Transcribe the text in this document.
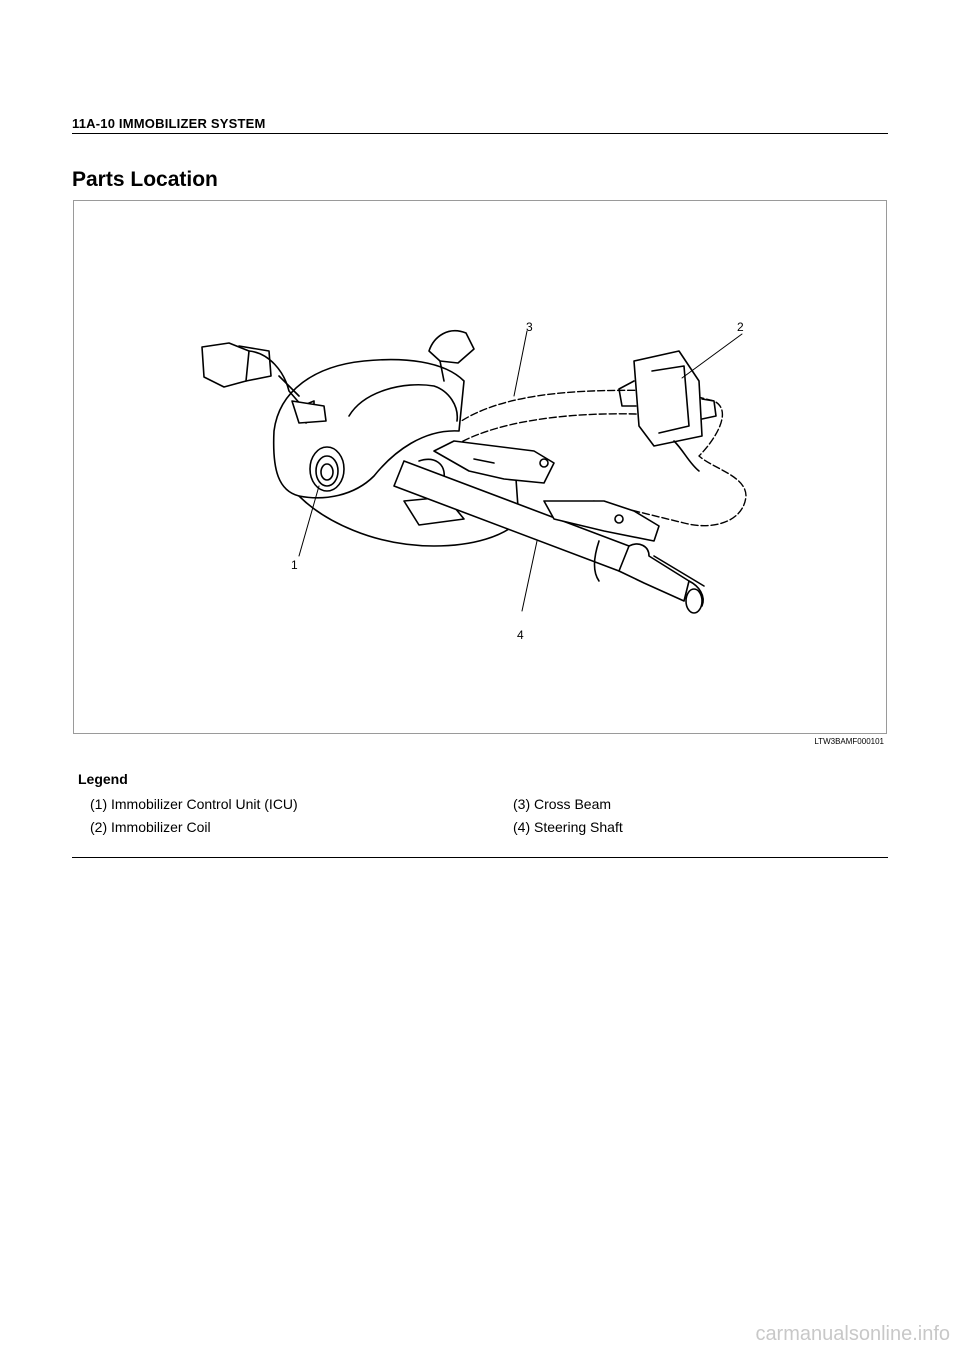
11A-10 IMMOBILIZER SYSTEM
Parts Location
1
2
3
4
LTW3BAMF000101
Legend
(1) Immobilizer Control Unit (ICU)
(2) Immobilizer Coil
(3) Cross Beam
(4) Steering Shaft
carmanualsonline.info
